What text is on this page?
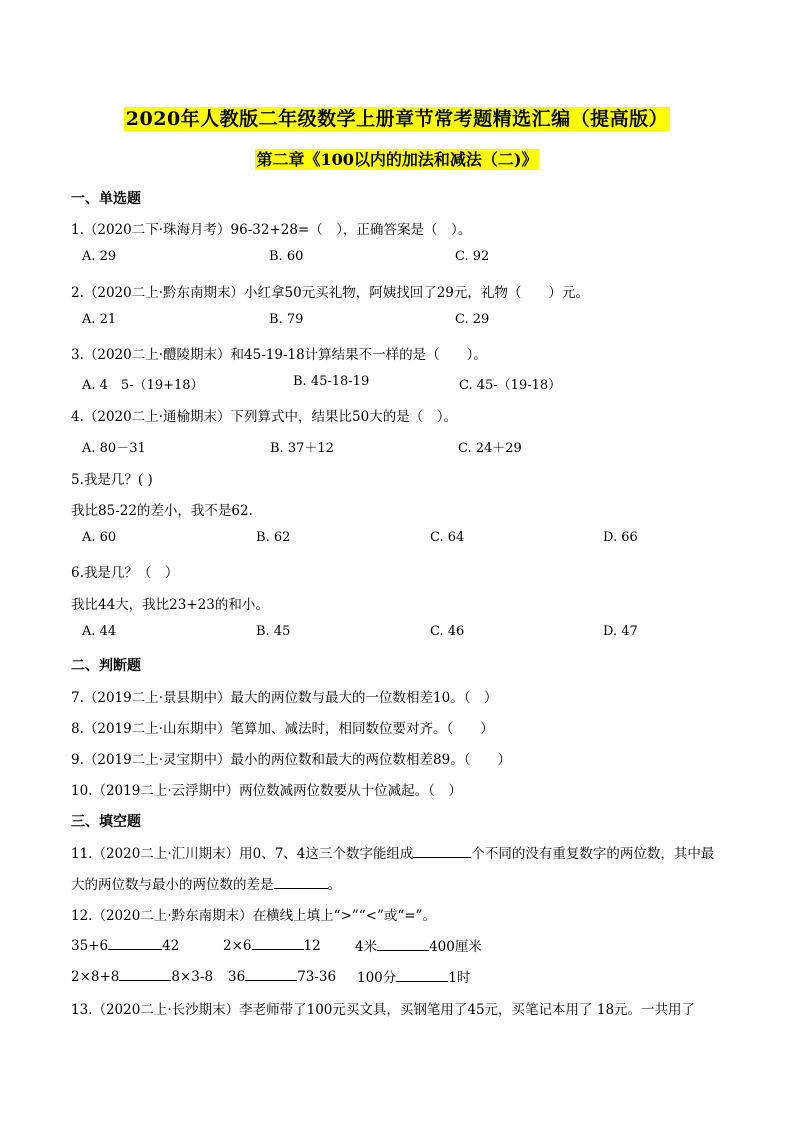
2020年人教版二年级数学上册章节常考题精选汇编（提高版）
第二章《100以内的加法和减法（二)》
一、单选题
1.（2020二下·珠海月考）96-32+28=（　），正确答案是（　）。
A. 29	B. 60	C. 92
2.（2020二上·黔东南期末）小红拿50元买礼物，阿姨找回了29元，礼物（　　）元。
A. 21	B. 79	C. 29
3.（2020二上·醴陵期末）和45-19-18计算结果不一样的是（　　）。
A. 4　5-（19+18）	B. 45-18-19	C. 45-（19-18）
4.（2020二上·通榆期末）下列算式中，结果比50大的是（　）。
A. 80－31	B. 37＋12	C. 24＋29
5.我是几？( )
我比85-22的差小，我不是62.
A. 60	B. 62	C. 64	D. 66
6.我是几？（　）
我比44大，我比23+23的和小。
A. 44	B. 45	C. 46	D. 47
二、判断题
7.（2019二上·景县期中）最大的两位数与最大的一位数相差10。（　）
8.（2019二上·山东期中）笔算加、减法时，相同数位要对齐。（　　）
9.（2019二上·灵宝期中）最小的两位数和最大的两位数相差89。（　　）
10.（2019二上·云浮期中）两位数减两位数要从十位减起。（　）
三、填空题
11.（2020二上·汇川期末）用0、7、4这三个数字能组成	个不同的没有重复数字的两位数，其中最
大的两位数与最小的两位数的差是	。
12.（2020二上·黔东南期末）在横线上填上“>”“<”或“=”。
35+6	42	2×6	12	4米	400厘米
2×8+8	8×3-8 36	73-36 100分	1时
13.（2020二上·长沙期末）李老师带了100元买文具，买钢笔用了45元，买笔记本用了 18元。一共用了
